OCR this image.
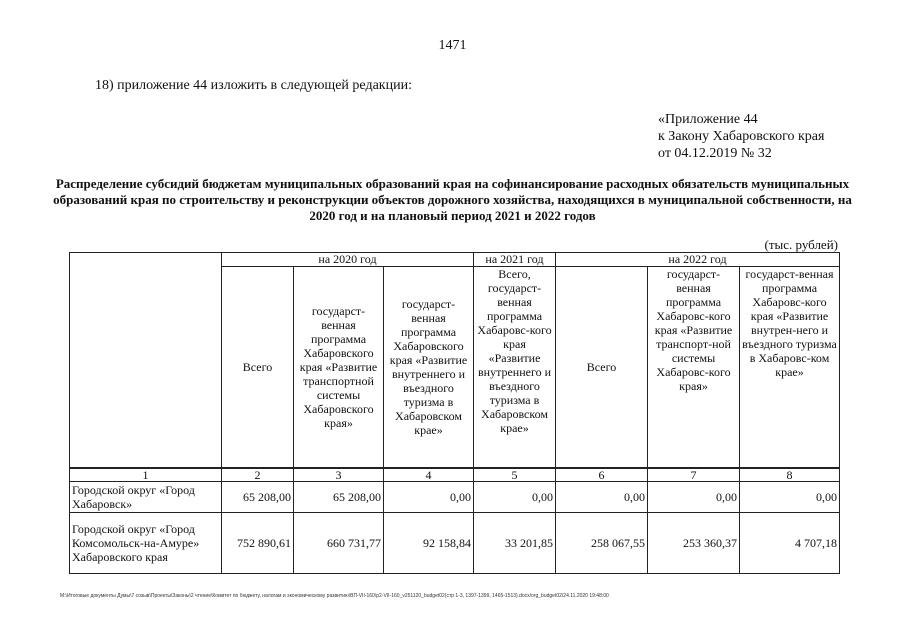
1471
18) приложение 44 изложить в следующей редакции:
«Приложение 44
к Закону Хабаровского края
от 04.12.2019 № 32
Распределение субсидий бюджетам муниципальных образований края на софинансирование расходных обязательств муниципальных образований края по строительству и реконструкции объектов дорожного хозяйства, находящихся в муниципальной собственности, на 2020 год и на плановый период 2021 и 2022 годов
(тыс. рублей)
	на 2020 год			на 2021 год	на 2022 год		
	Всего	государст-венная программа Хабаровского края «Развитие транспортной системы Хабаровского края»	государст-венная программа Хабаровского края «Развитие внутреннего и въездного туризма в Хабаровском крае»	Всего, государст-венная программа Хабаровс-кого края «Развитие внутреннего и въездного туризма в Хабаровском крае»	Всего	государст-венная программа Хабаровс-кого края «Развитие транспорт-ной системы Хабаровс-кого края»	государст-венная программа Хабаровс-кого края «Развитие внутрен-него и въездного туризма в Хабаровс-ком крае»
1	2	3	4	5	6	7	8
Городской округ «Город Хабаровск»	65 208,00	65 208,00	0,00	0,00	0,00	0,00	0,00
Городской округ «Город Комсомольск-на-Амуре» Хабаровского края	752 890,61	660 731,77	92 158,84	33 201,85	258 067,55	253 360,37	4 707,18
M:\Итоговые документы Думы\7 созыв\Проекты\Законы\2 чтение\Комитет по бюджету, налогам и экономическому развитию\ВП-VII-160\р2-VII-160_v251120_budget02(стр 1-3, 1397-1399, 1465-1513).docx/org_budget02/24.11.2020 19:48:00
